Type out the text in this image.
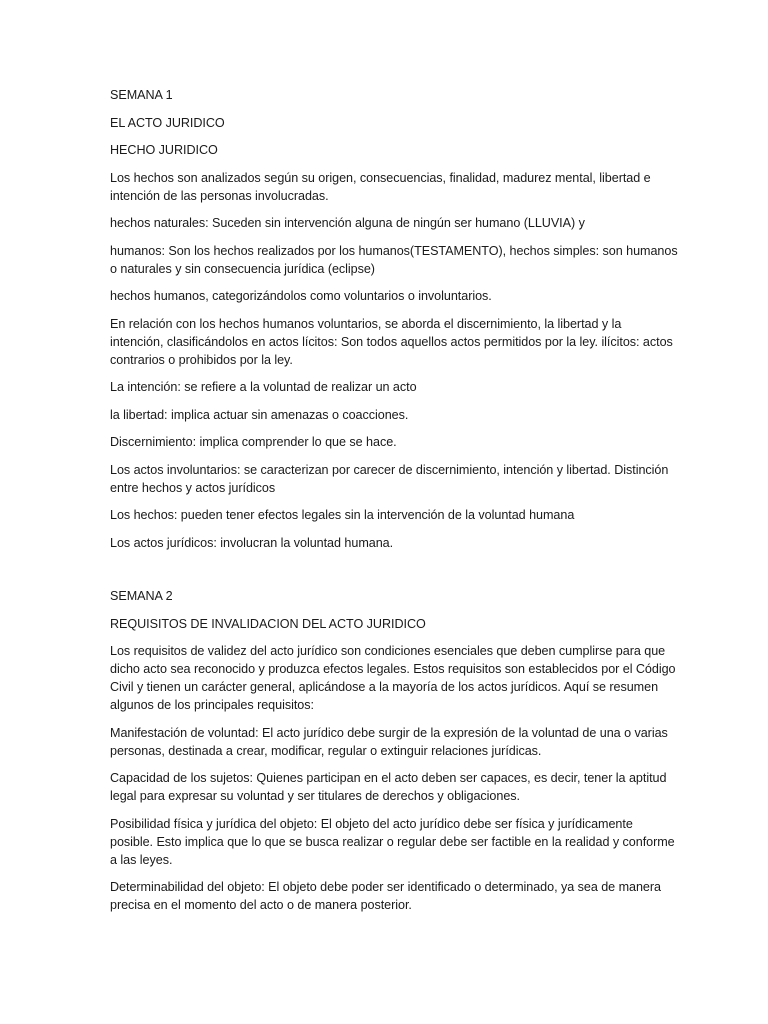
SEMANA 1

EL ACTO JURIDICO

HECHO JURIDICO

Los hechos son analizados según su origen, consecuencias, finalidad, madurez mental, libertad e intención de las personas involucradas.

hechos naturales: Suceden sin intervención alguna de ningún ser humano (LLUVIA) y

humanos: Son los hechos realizados por los humanos(TESTAMENTO), hechos simples: son humanos o naturales y sin consecuencia jurídica (eclipse)

hechos humanos, categorizándolos como voluntarios o involuntarios.

En relación con los hechos humanos voluntarios, se aborda el discernimiento, la libertad y la intención, clasificándolos en actos lícitos: Son todos aquellos actos permitidos por la ley. ilícitos: actos contrarios o prohibidos por la ley.

La intención: se refiere a la voluntad de realizar un acto

la libertad: implica actuar sin amenazas o coacciones.

Discernimiento: implica comprender lo que se hace.

Los actos involuntarios: se caracterizan por carecer de discernimiento, intención y libertad. Distinción entre hechos y actos jurídicos

Los hechos: pueden tener efectos legales sin la intervención de la voluntad humana

Los actos jurídicos: involucran la voluntad humana.

SEMANA 2

REQUISITOS DE INVALIDACION DEL ACTO JURIDICO

Los requisitos de validez del acto jurídico son condiciones esenciales que deben cumplirse para que dicho acto sea reconocido y produzca efectos legales. Estos requisitos son establecidos por el Código Civil y tienen un carácter general, aplicándose a la mayoría de los actos jurídicos. Aquí se resumen algunos de los principales requisitos:

Manifestación de voluntad: El acto jurídico debe surgir de la expresión de la voluntad de una o varias personas, destinada a crear, modificar, regular o extinguir relaciones jurídicas.

Capacidad de los sujetos: Quienes participan en el acto deben ser capaces, es decir, tener la aptitud legal para expresar su voluntad y ser titulares de derechos y obligaciones.

Posibilidad física y jurídica del objeto: El objeto del acto jurídico debe ser física y jurídicamente posible. Esto implica que lo que se busca realizar o regular debe ser factible en la realidad y conforme a las leyes.

Determinabilidad del objeto: El objeto debe poder ser identificado o determinado, ya sea de manera precisa en el momento del acto o de manera posterior.
